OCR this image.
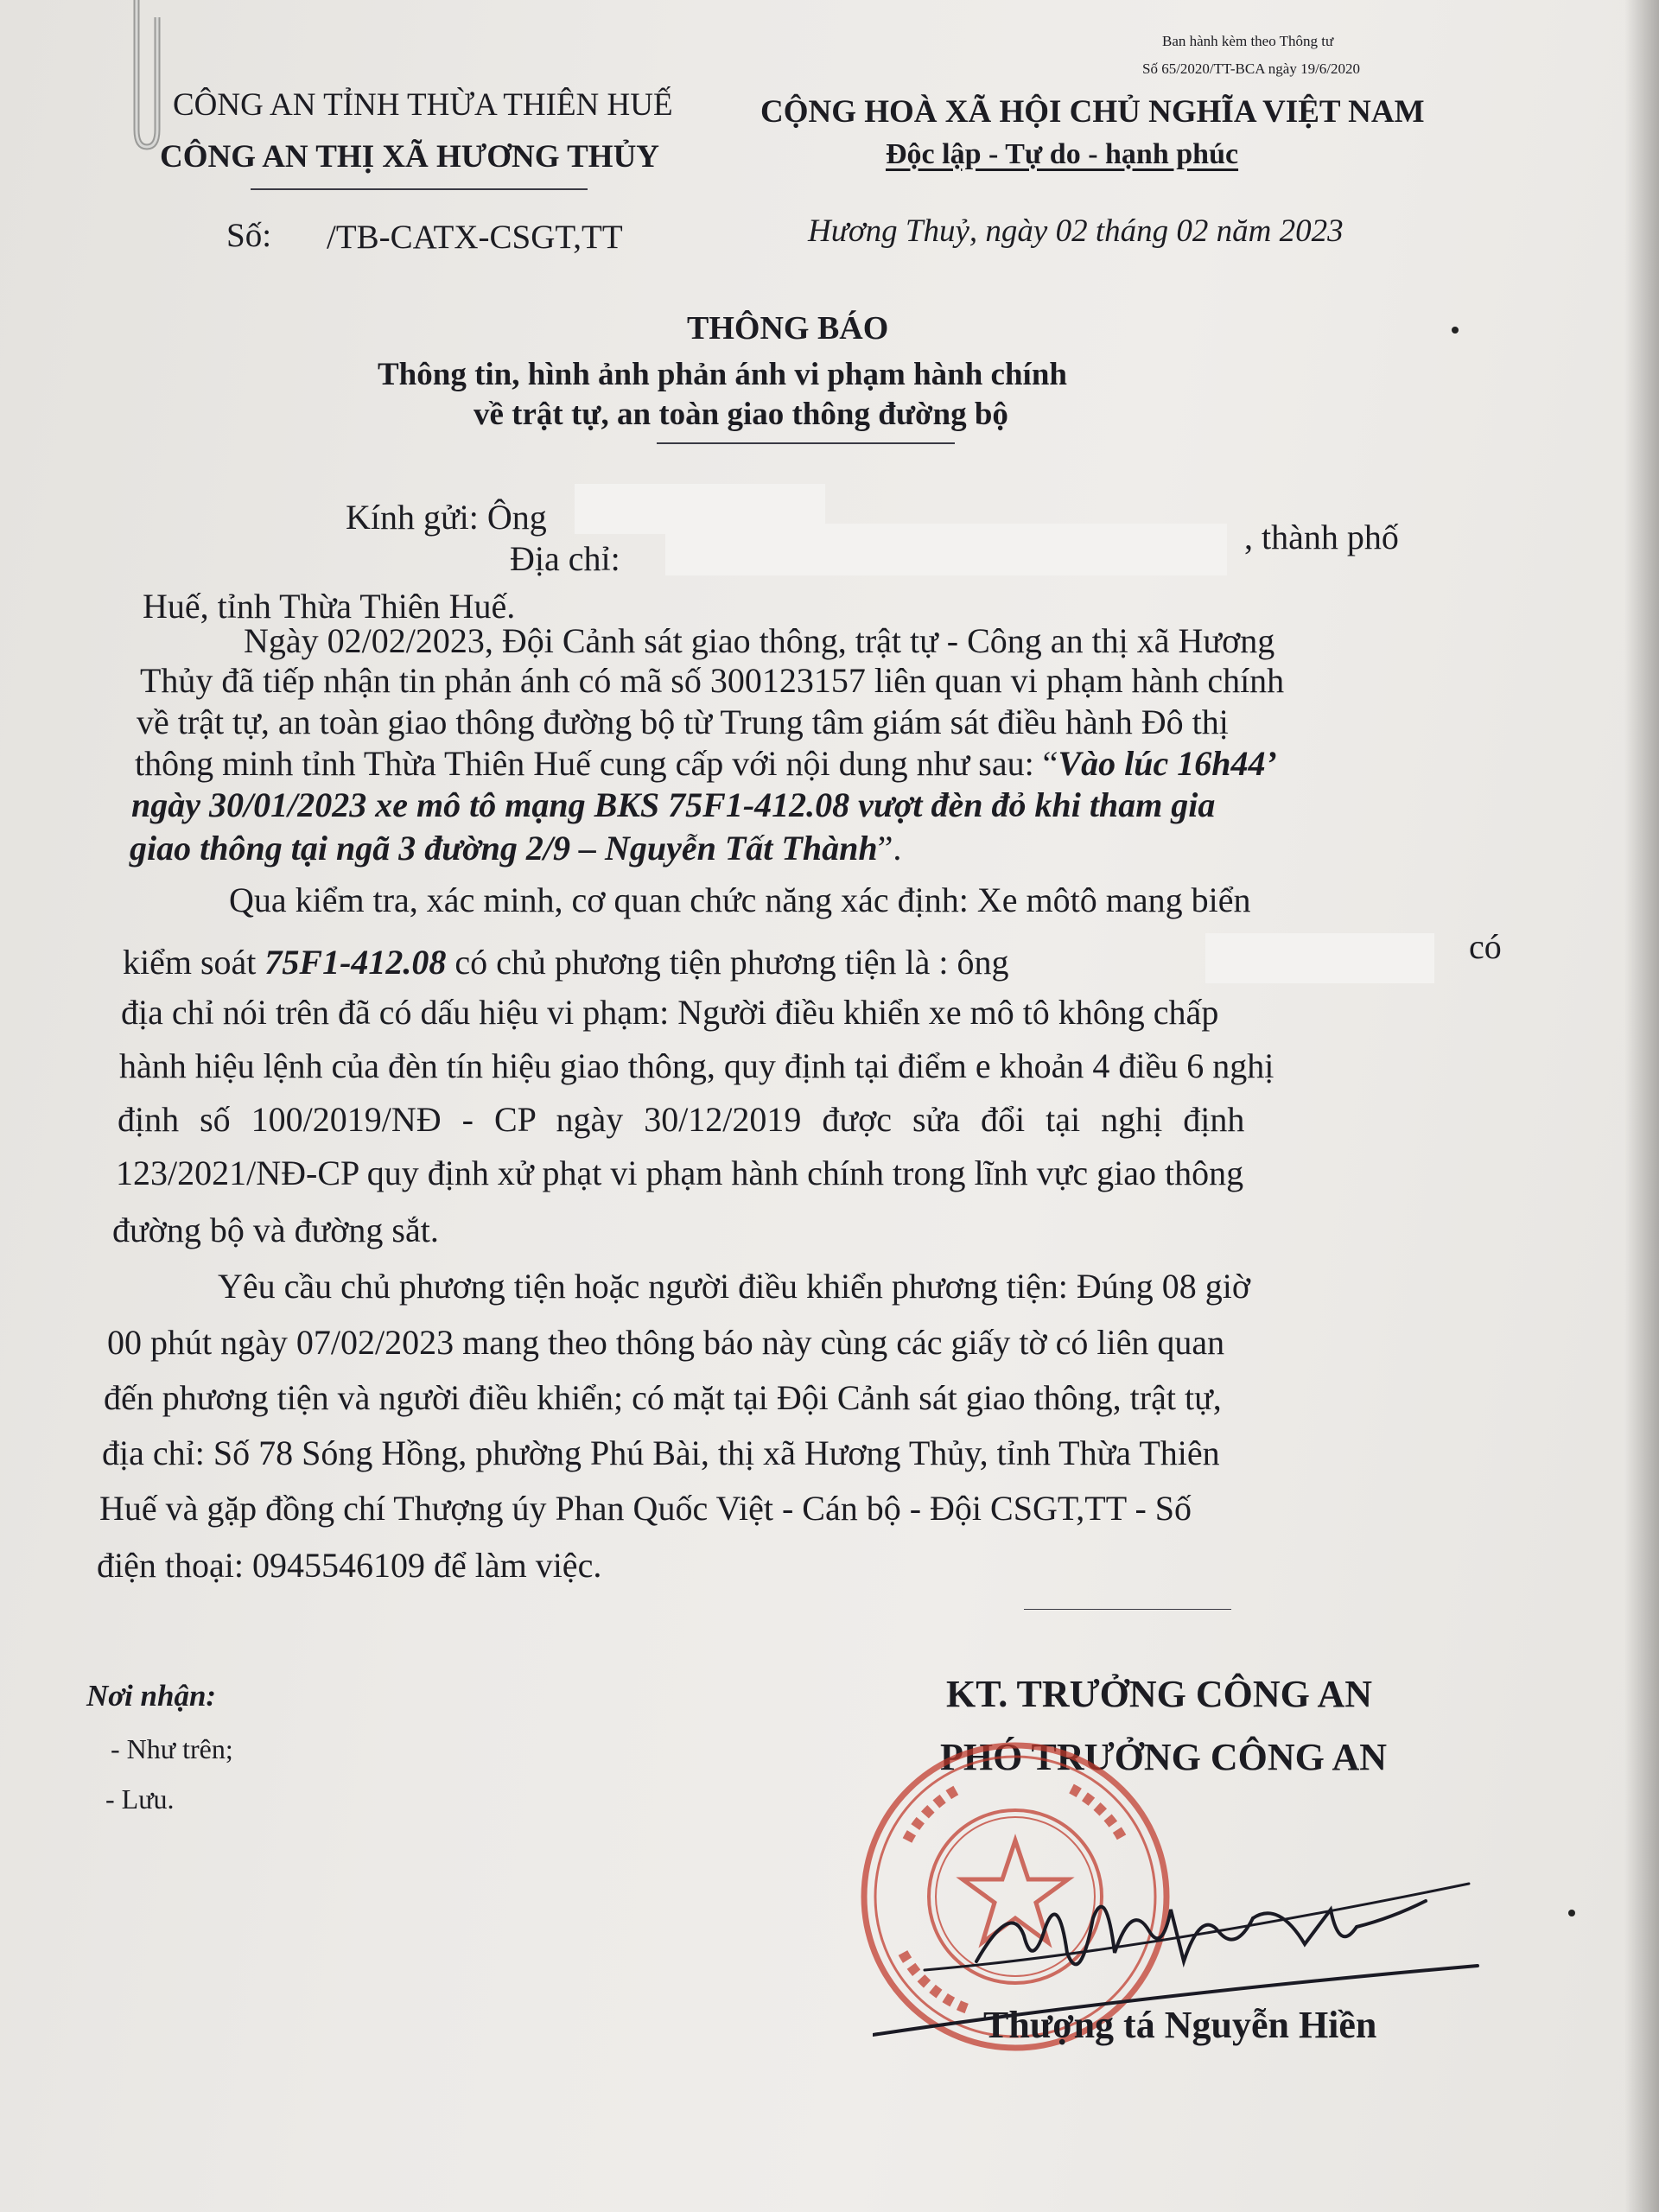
Ban hành kèm theo Thông tư
Số 65/2020/TT-BCA ngày 19/6/2020
CÔNG AN TỈNH THỪA THIÊN HUẾ
CÔNG AN THỊ XÃ HƯƠNG THỦY
CỘNG HOÀ XÃ HỘI CHỦ NGHĨA VIỆT NAM
Độc lập - Tự do - hạnh phúc
Số: /TB-CATX-CSGT,TT	Hương Thuỷ, ngày 02 tháng 02 năm 2023
THÔNG BÁO
Thông tin, hình ảnh phản ánh vi phạm hành chính
về trật tự, an toàn giao thông đường bộ
Kính gửi: Ông
Địa chỉ:
, thành phố
Huế, tỉnh Thừa Thiên Huế.
Ngày 02/02/2023, Đội Cảnh sát giao thông, trật tự - Công an thị xã Hương
Thủy đã tiếp nhận tin phản ánh có mã số 300123157 liên quan vi phạm hành chính
về trật tự, an toàn giao thông đường bộ từ Trung tâm giám sát điều hành Đô thị
thông minh tỉnh Thừa Thiên Huế cung cấp với nội dung như sau: “Vào lúc 16h44’
ngày 30/01/2023 xe mô tô mạng BKS 75F1-412.08 vượt đèn đỏ khi tham gia
giao thông tại ngã 3 đường 2/9 – Nguyễn Tất Thành”.
Qua kiểm tra, xác minh, cơ quan chức năng xác định: Xe môtô mang biển
kiểm soát 75F1-412.08 có chủ phương tiện phương tiện là : ông	có
địa chỉ nói trên đã có dấu hiệu vi phạm: Người điều khiển xe mô tô không chấp
hành hiệu lệnh của đèn tín hiệu giao thông, quy định tại điểm e khoản 4 điều 6 nghị
định số 100/2019/NĐ - CP ngày 30/12/2019 được sửa đổi tại nghị định
123/2021/NĐ-CP quy định xử phạt vi phạm hành chính trong lĩnh vực giao thông
đường bộ và đường sắt.
Yêu cầu chủ phương tiện hoặc người điều khiển phương tiện: Đúng 08 giờ
00 phút ngày 07/02/2023 mang theo thông báo này cùng các giấy tờ có liên quan
đến phương tiện và người điều khiển; có mặt tại Đội Cảnh sát giao thông, trật tự,
địa chỉ: Số 78 Sóng Hồng, phường Phú Bài, thị xã Hương Thủy, tỉnh Thừa Thiên
Huế và gặp đồng chí Thượng úy Phan Quốc Việt - Cán bộ - Đội CSGT,TT - Số
điện thoại: 0945546109 để làm việc.
Nơi nhận:
- Như trên;
- Lưu.
KT. TRƯỞNG CÔNG AN
PHÓ TRƯỞNG CÔNG AN
Thượng tá Nguyễn Hiền
